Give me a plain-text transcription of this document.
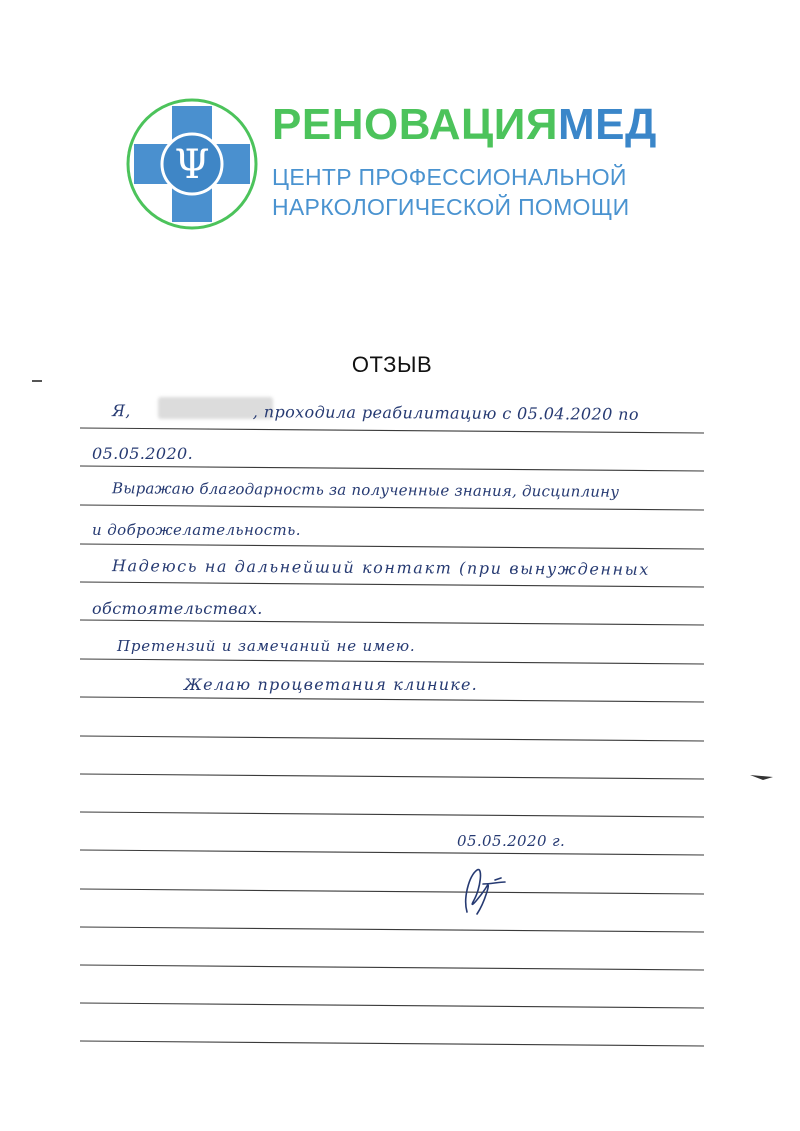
Ψ
РЕНОВАЦИЯМЕД
ЦЕНТР ПРОФЕССИОНАЛЬНОЙ
НАРКОЛОГИЧЕСКОЙ ПОМОЩИ
ОТЗЫВ
Я,	, проходила реабилитацию с 05.04.2020 по
05.05.2020.
Выражаю благодарность за полученные знания, дисциплину
и доброжелательность.
Надеюсь на дальнейший контакт (при вынужденных
обстоятельствах.
Претензий и замечаний не имею.
Желаю процветания клинике.
05.05.2020 г.
